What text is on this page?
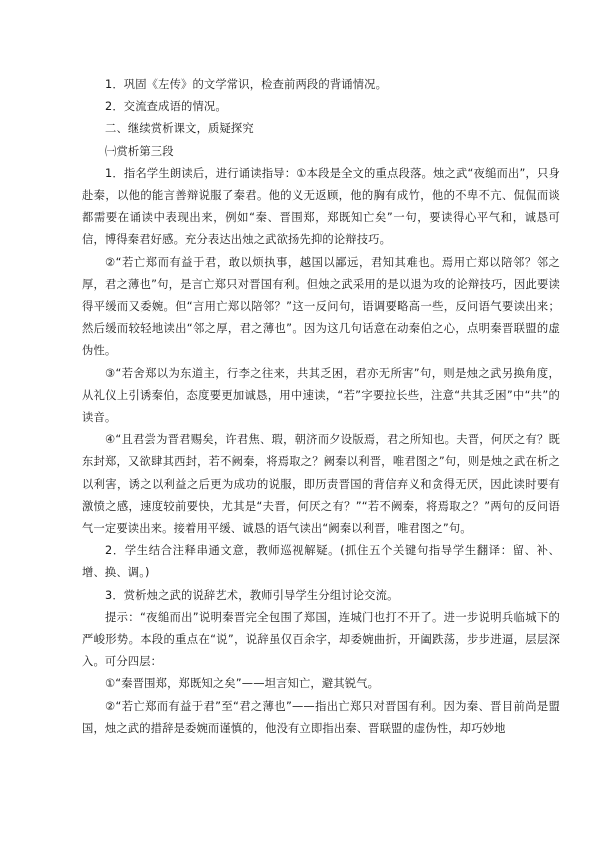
1．巩固《左传》的文学常识，检查前两段的背诵情况。

2．交流查成语的情况。

二、继续赏析课文，质疑探究

㈠赏析第三段

1．指名学生朗读后，进行诵读指导：①本段是全文的重点段落。烛之武“夜缒而出”，只身赴秦，以他的能言善辩说服了秦君。他的义无返顾，他的胸有成竹，他的不卑不亢、侃侃而谈都需要在诵读中表现出来，例如“秦、晋围郑，郑既知亡矣”一句，要读得心平气和，诚恳可信，博得秦君好感。充分表达出烛之武欲扬先抑的论辩技巧。

②“若亡郑而有益于君，敢以烦执事，越国以鄙远，君知其难也。焉用亡郑以陪邻？邻之厚，君之薄也”句，是言亡郑只对晋国有利。但烛之武采用的是以退为攻的论辩技巧，因此要读得平缓而又委婉。但“言用亡郑以陪邻？”这一反问句，语调要略高一些，反问语气要读出来；然后缓而较轻地读出“邻之厚，君之薄也”。因为这几句话意在动秦伯之心，点明秦晋联盟的虚伪性。

③“若舍郑以为东道主，行李之往来，共其乏困，君亦无所害”句，则是烛之武另换角度，从礼仪上引诱秦伯，态度要更加诚恳，用中速读，“若”字要拉长些，注意“共其乏困”中“共”的读音。

④“且君尝为晋君赐矣，许君焦、瑕，朝济而夕设版焉，君之所知也。夫晋，何厌之有？既东封郑，又欲肆其西封，若不阙秦，将焉取之？阙秦以利晋，唯君图之”句，则是烛之武在析之以利害，诱之以利益之后更为成功的说服，即历责晋国的背信弃义和贪得无厌，因此读时要有激愤之感，速度较前要快，尤其是“夫晋，何厌之有？”“若不阙秦，将焉取之？”两句的反问语气一定要读出来。接着用平缓、诚恳的语气读出“阙秦以利晋，唯君图之”句。

2．学生结合注释串通文意，教师巡视解疑。(抓住五个关键句指导学生翻译：留、补、增、换、调。)

3．赏析烛之武的说辞艺术，教师引导学生分组讨论交流。

提示：“夜缒而出”说明秦晋完全包围了郑国，连城门也打不开了。进一步说明兵临城下的严峻形势。本段的重点在“说”，说辞虽仅百余字，却委婉曲折，开阖跌荡，步步进逼，层层深入。可分四层：

①“秦晋围郑，郑既知之矣”——坦言知亡，避其锐气。

②“若亡郑而有益于君”至“君之薄也”——指出亡郑只对晋国有利。因为秦、晋目前尚是盟国，烛之武的措辞是委婉而谨慎的，他没有立即指出秦、晋联盟的虚伪性，却巧妙地
